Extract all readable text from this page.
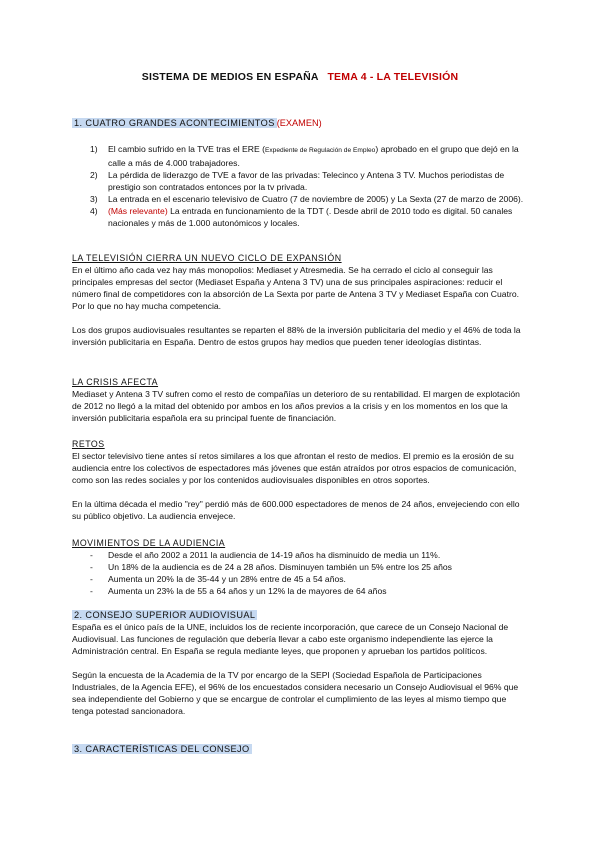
SISTEMA DE MEDIOS EN ESPAÑA TEMA 4 - LA TELEVISIÓN
1. CUATRO GRANDES ACONTECIMIENTOS (EXAMEN)
1) El cambio sufrido en la TVE tras el ERE (Expediente de Regulación de Empleo) aprobado en el grupo que dejó en la calle a más de 4.000 trabajadores.
2) La pérdida de liderazgo de TVE a favor de las privadas: Telecinco y Antena 3 TV. Muchos periodistas de prestigio son contratados entonces por la tv privada.
3) La entrada en el escenario televisivo de Cuatro (7 de noviembre de 2005) y La Sexta (27 de marzo de 2006).
4) (Más relevante) La entrada en funcionamiento de la TDT (. Desde abril de 2010 todo es digital. 50 canales nacionales y más de 1.000 autonómicos y locales.
LA TELEVISIÓN CIERRA UN NUEVO CICLO DE EXPANSIÓN

En el último año cada vez hay más monopolios: Mediaset y Atresmedia. Se ha cerrado el ciclo al conseguir las principales empresas del sector (Mediaset España y Antena 3 TV) una de sus principales aspiraciones: reducir el número final de competidores con la absorción de La Sexta por parte de Antena 3 TV y Mediaset España con Cuatro. Por lo que no hay mucha competencia.

Los dos grupos audiovisuales resultantes se reparten el 88% de la inversión publicitaria del medio y el 46% de toda la inversión publicitaria en España. Dentro de estos grupos hay medios que pueden tener ideologías distintas.

LA CRISIS AFECTA

Mediaset y Antena 3 TV sufren como el resto de compañías un deterioro de su rentabilidad. El margen de explotación de 2012 no llegó a la mitad del obtenido por ambos en los años previos a la crisis y en los momentos en los que la inversión publicitaria española era su principal fuente de financiación.

RETOS

El sector televisivo tiene antes sí retos similares a los que afrontan el resto de medios. El premio es la erosión de su audiencia entre los colectivos de espectadores más jóvenes que están atraídos por otros espacios de comunicación, como son las redes sociales y por los contenidos audiovisuales disponibles en otros soportes.

En la última década el medio "rey" perdió más de 600.000 espectadores de menos de 24 años, envejeciendo con ello su público objetivo. La audiencia envejece.

MOVIMIENTOS DE LA AUDIENCIA
- Desde el año 2002 a 2011 la audiencia de 14-19 años ha disminuido de media un 11%.
- Un 18% de la audiencia es de 24 a 28 años. Disminuyen también un 5% entre los 25 años
- Aumenta un 20% la de 35-44 y un 28% entre de 45 a 54 años.
- Aumenta un 23% la de 55 a 64 años y un 12% la de mayores de 64 años
2. CONSEJO SUPERIOR AUDIOVISUAL

España es el único país de la UNE, incluidos los de reciente incorporación, que carece de un Consejo Nacional de Audiovisual. Las funciones de regulación que debería llevar a cabo este organismo independiente las ejerce la Administración central. En España se regula mediante leyes, que proponen y aprueban los partidos políticos.

Según la encuesta de la Academia de la TV por encargo de la SEPI (Sociedad Española de Participaciones Industriales, de la Agencia EFE), el 96% de los encuestados considera necesario un Consejo Audiovisual el 96% que sea independiente del Gobierno y que se encargue de controlar el cumplimiento de las leyes al mismo tiempo que tenga potestad sancionadora.

3. CARACTERÍSTICAS DEL CONSEJO
